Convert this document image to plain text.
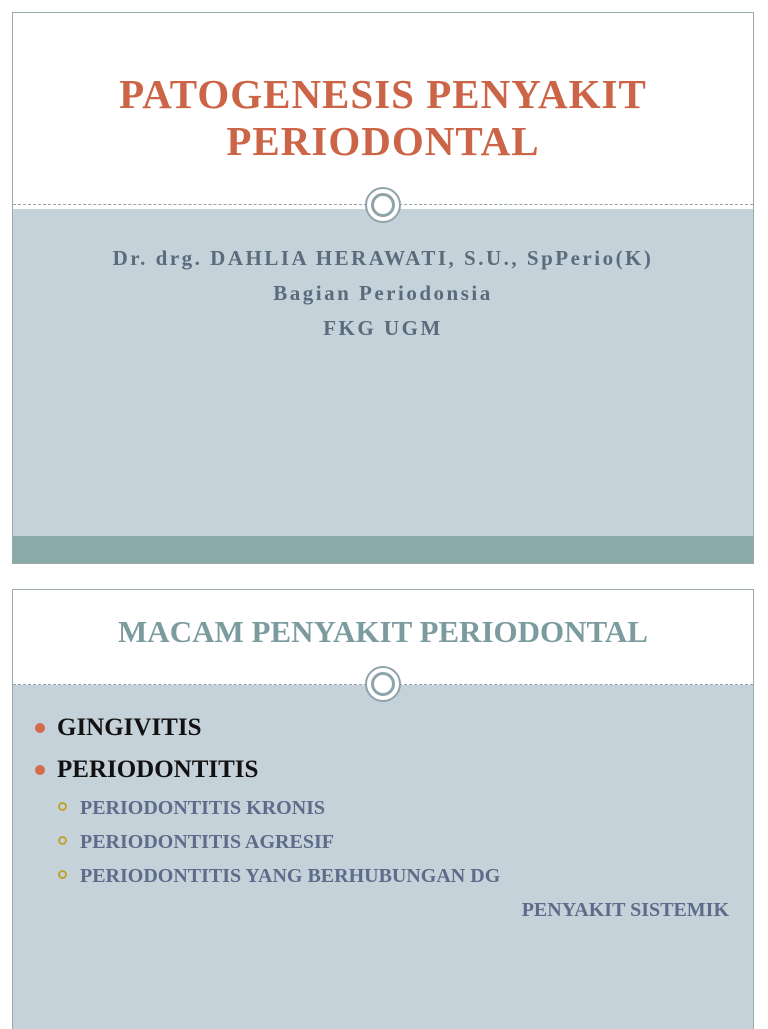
PATOGENESIS PENYAKIT
PERIODONTAL
Dr. drg. DAHLIA HERAWATI, S.U., SpPerio(K)
Bagian Periodonsia
FKG UGM
MACAM PENYAKIT PERIODONTAL
GINGIVITIS
PERIODONTITIS
PERIODONTITIS KRONIS
PERIODONTITIS AGRESIF
PERIODONTITIS YANG BERHUBUNGAN DG
PENYAKIT SISTEMIK
